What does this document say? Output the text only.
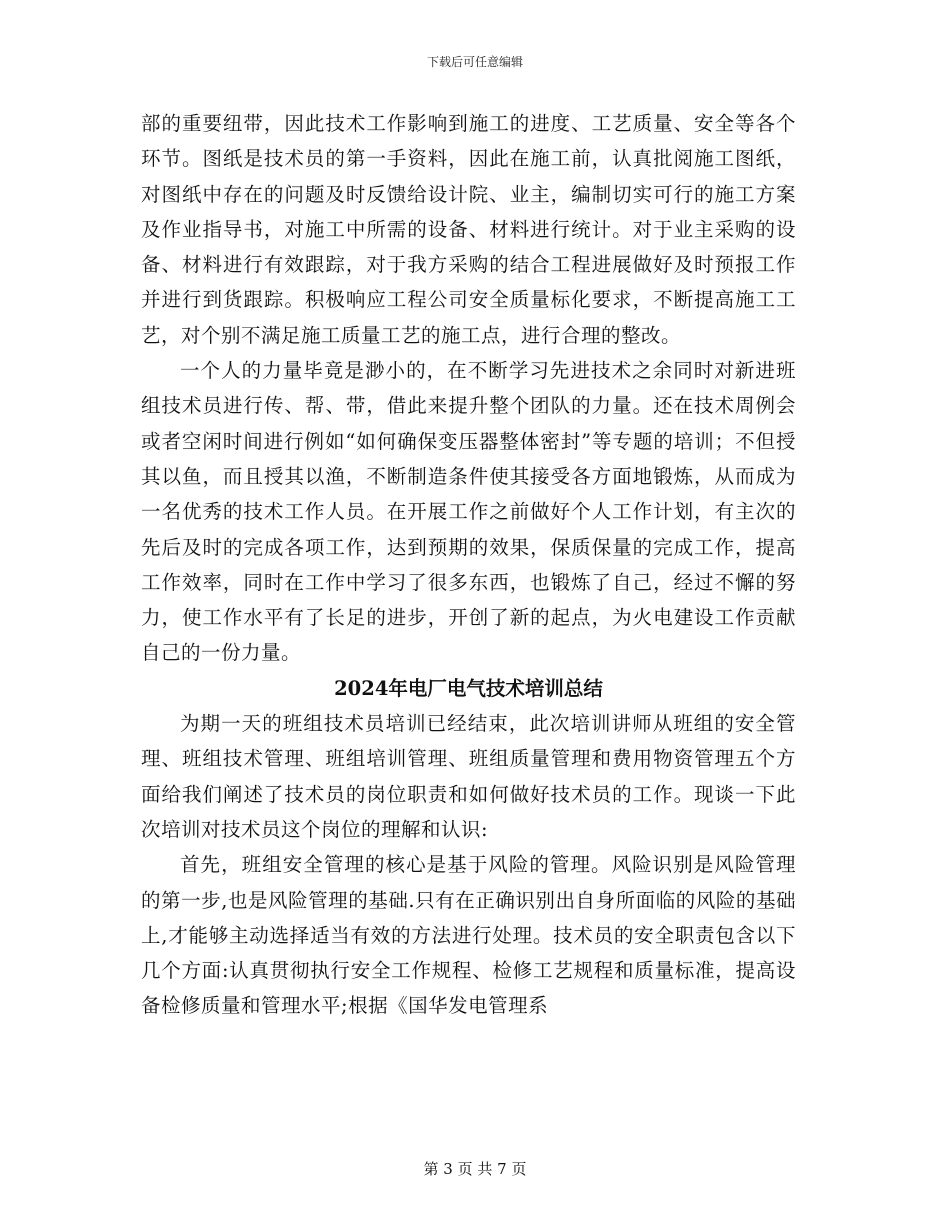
下载后可任意编辑

部的重要纽带，因此技术工作影响到施工的进度、工艺质量、安全等各个环节。图纸是技术员的第一手资料，因此在施工前，认真批阅施工图纸，对图纸中存在的问题及时反馈给设计院、业主，编制切实可行的施工方案及作业指导书，对施工中所需的设备、材料进行统计。对于业主采购的设备、材料进行有效跟踪，对于我方采购的结合工程进展做好及时预报工作并进行到货跟踪。积极响应工程公司安全质量标化要求，不断提高施工工艺，对个别不满足施工质量工艺的施工点，进行合理的整改。

一个人的力量毕竟是渺小的，在不断学习先进技术之余同时对新进班组技术员进行传、帮、带，借此来提升整个团队的力量。还在技术周例会或者空闲时间进行例如“如何确保变压器整体密封”等专题的培训；不但授其以鱼，而且授其以渔，不断制造条件使其接受各方面地锻炼，从而成为一名优秀的技术工作人员。在开展工作之前做好个人工作计划，有主次的先后及时的完成各项工作，达到预期的效果，保质保量的完成工作，提高工作效率，同时在工作中学习了很多东西，也锻炼了自己，经过不懈的努力，使工作水平有了长足的进步，开创了新的起点，为火电建设工作贡献自己的一份力量。

2024年电厂电气技术培训总结

为期一天的班组技术员培训已经结束，此次培训讲师从班组的安全管理、班组技术管理、班组培训管理、班组质量管理和费用物资管理五个方面给我们阐述了技术员的岗位职责和如何做好技术员的工作。现谈一下此次培训对技术员这个岗位的理解和认识:

首先，班组安全管理的核心是基于风险的管理。风险识别是风险管理的第一步,也是风险管理的基础.只有在正确识别出自身所面临的风险的基础上,才能够主动选择适当有效的方法进行处理。技术员的安全职责包含以下几个方面:认真贯彻执行安全工作规程、检修工艺规程和质量标准，提高设备检修质量和管理水平;根据《国华发电管理系

第 3 页 共 7 页
